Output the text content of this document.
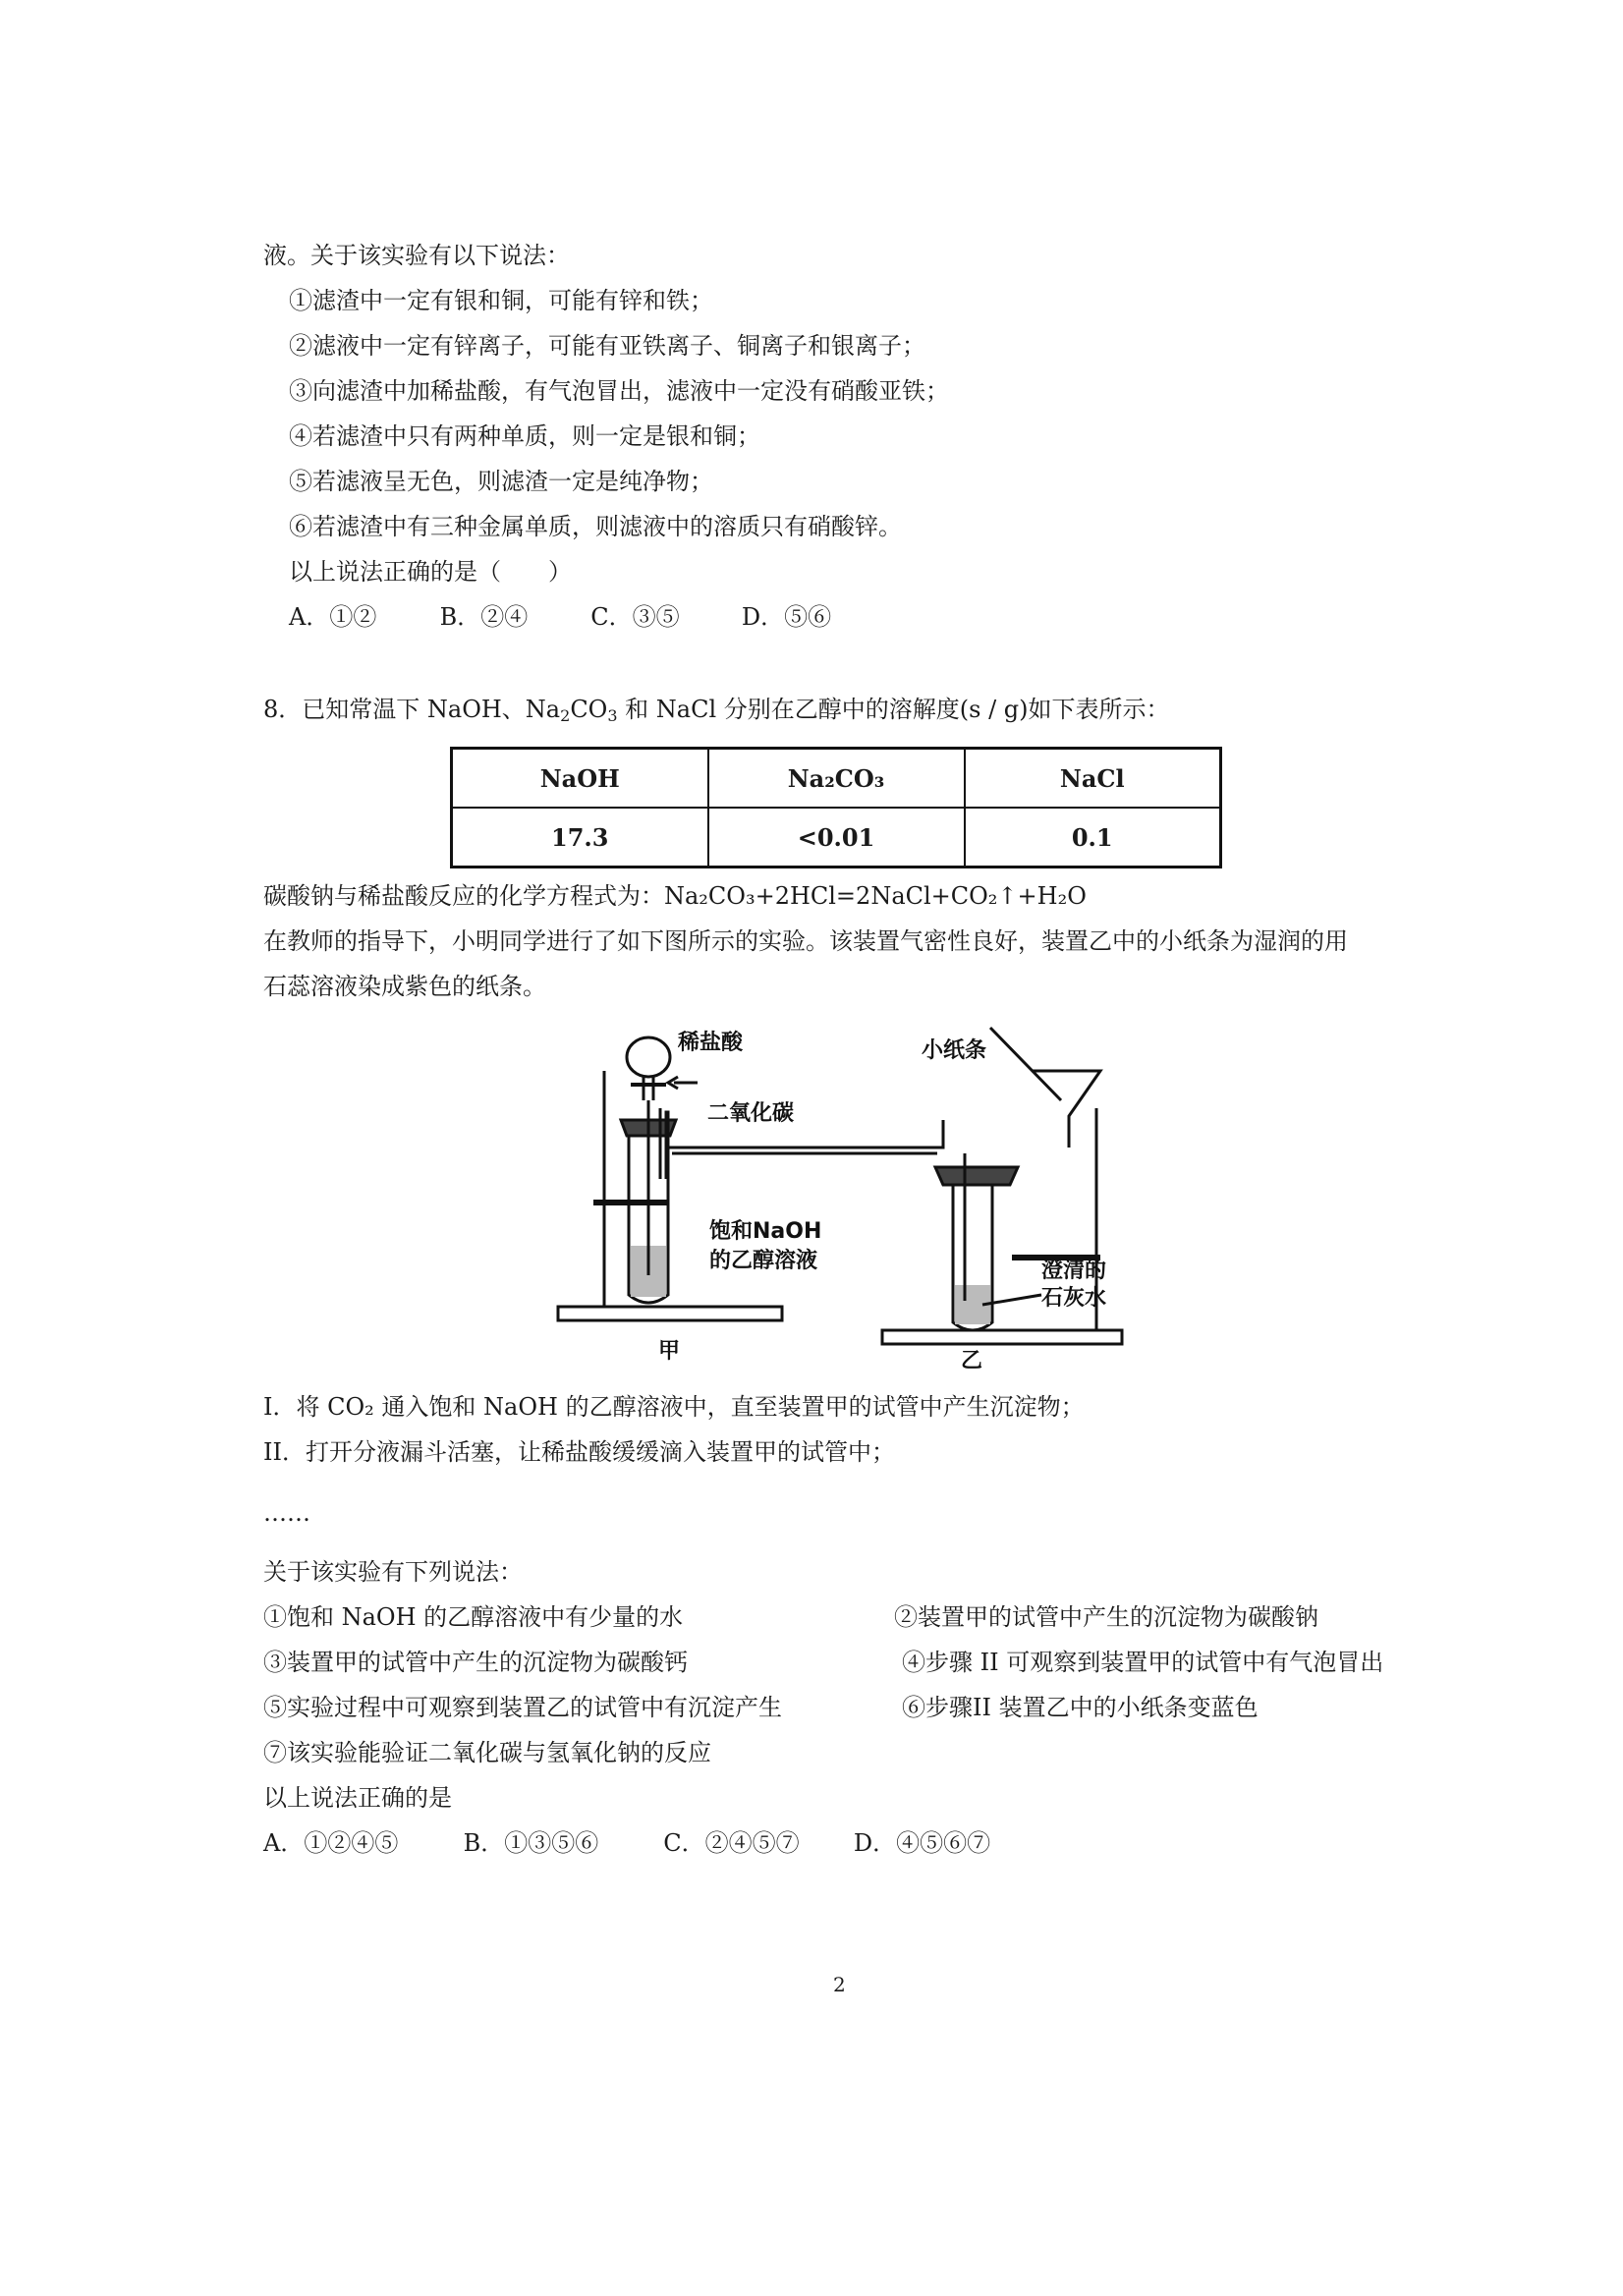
液。关于该实验有以下说法：
①滤渣中一定有银和铜，可能有锌和铁；
②滤液中一定有锌离子，可能有亚铁离子、铜离子和银离子；
③向滤渣中加稀盐酸，有气泡冒出，滤液中一定没有硝酸亚铁；
④若滤渣中只有两种单质，则一定是银和铜；
⑤若滤液呈无色，则滤渣一定是纯净物；
⑥若滤渣中有三种金属单质，则滤液中的溶质只有硝酸锌。
以上说法正确的是（　　）
A．①②	B．②④	C．③⑤	D．⑤⑥
8．已知常温下 NaOH、$Na_2CO_3$ 和 NaCl 分别在乙醇中的溶解度(s / g)如下表所示：
NaOH	Na₂CO₃	NaCl
17.3	<0.01	0.1
碳酸钠与稀盐酸反应的化学方程式为：Na₂CO₃+2HCl=2NaCl+CO₂↑+H₂O
在教师的指导下，小明同学进行了如下图所示的实验。该装置气密性良好，装置乙中的小纸条为湿润的用
石蕊溶液染成紫色的纸条。
稀盐酸
二氧化碳
饱和NaOH
的乙醇溶液
小纸条
澄清的
石灰水
甲	乙
I．将 CO₂ 通入饱和 NaOH 的乙醇溶液中，直至装置甲的试管中产生沉淀物；
II．打开分液漏斗活塞，让稀盐酸缓缓滴入装置甲的试管中；
……
关于该实验有下列说法：
①饱和 NaOH 的乙醇溶液中有少量的水	②装置甲的试管中产生的沉淀物为碳酸钠
③装置甲的试管中产生的沉淀物为碳酸钙	④步骤 II 可观察到装置甲的试管中有气泡冒出
⑤实验过程中可观察到装置乙的试管中有沉淀产生	⑥步骤II 装置乙中的小纸条变蓝色
⑦该实验能验证二氧化碳与氢氧化钠的反应
以上说法正确的是
A．①②④⑤	B．①③⑤⑥	C．②④⑤⑦ D．④⑤⑥⑦
2
